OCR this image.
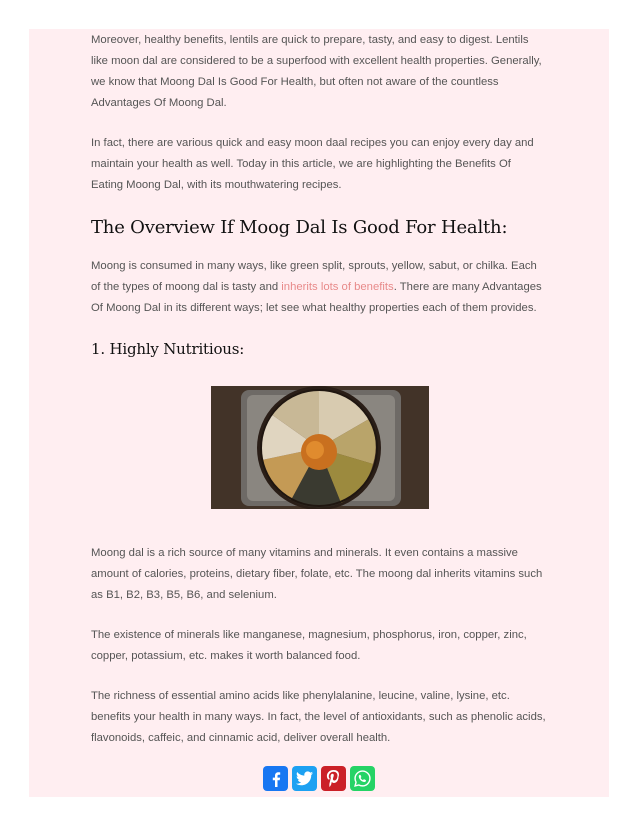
Moreover, healthy benefits, lentils are quick to prepare, tasty, and easy to digest. Lentils like moon dal are considered to be a superfood with excellent health properties. Generally, we know that Moong Dal Is Good For Health, but often not aware of the countless Advantages Of Moong Dal.

In fact, there are various quick and easy moon daal recipes you can enjoy every day and maintain your health as well. Today in this article, we are highlighting the Benefits Of Eating Moong Dal, with its mouthwatering recipes.

The Overview If Moog Dal Is Good For Health:

Moong is consumed in many ways, like green split, sprouts, yellow, sabut, or chilka. Each of the types of moong dal is tasty and inherits lots of benefits. There are many Advantages Of Moong Dal in its different ways; let see what healthy properties each of them provides.

1. Highly Nutritious:

Moong dal is a rich source of many vitamins and minerals. It even contains a massive amount of calories, proteins, dietary fiber, folate, etc. The moong dal inherits vitamins such as B1, B2, B3, B5, B6, and selenium.

The existence of minerals like manganese, magnesium, phosphorus, iron, copper, zinc, copper, potassium, etc. makes it worth balanced food.

The richness of essential amino acids like phenylalanine, leucine, valine, lysine, etc. benefits your health in many ways. In fact, the level of antioxidants, such as phenolic acids, flavonoids, caffeic, and cinnamic acid, deliver overall health.
